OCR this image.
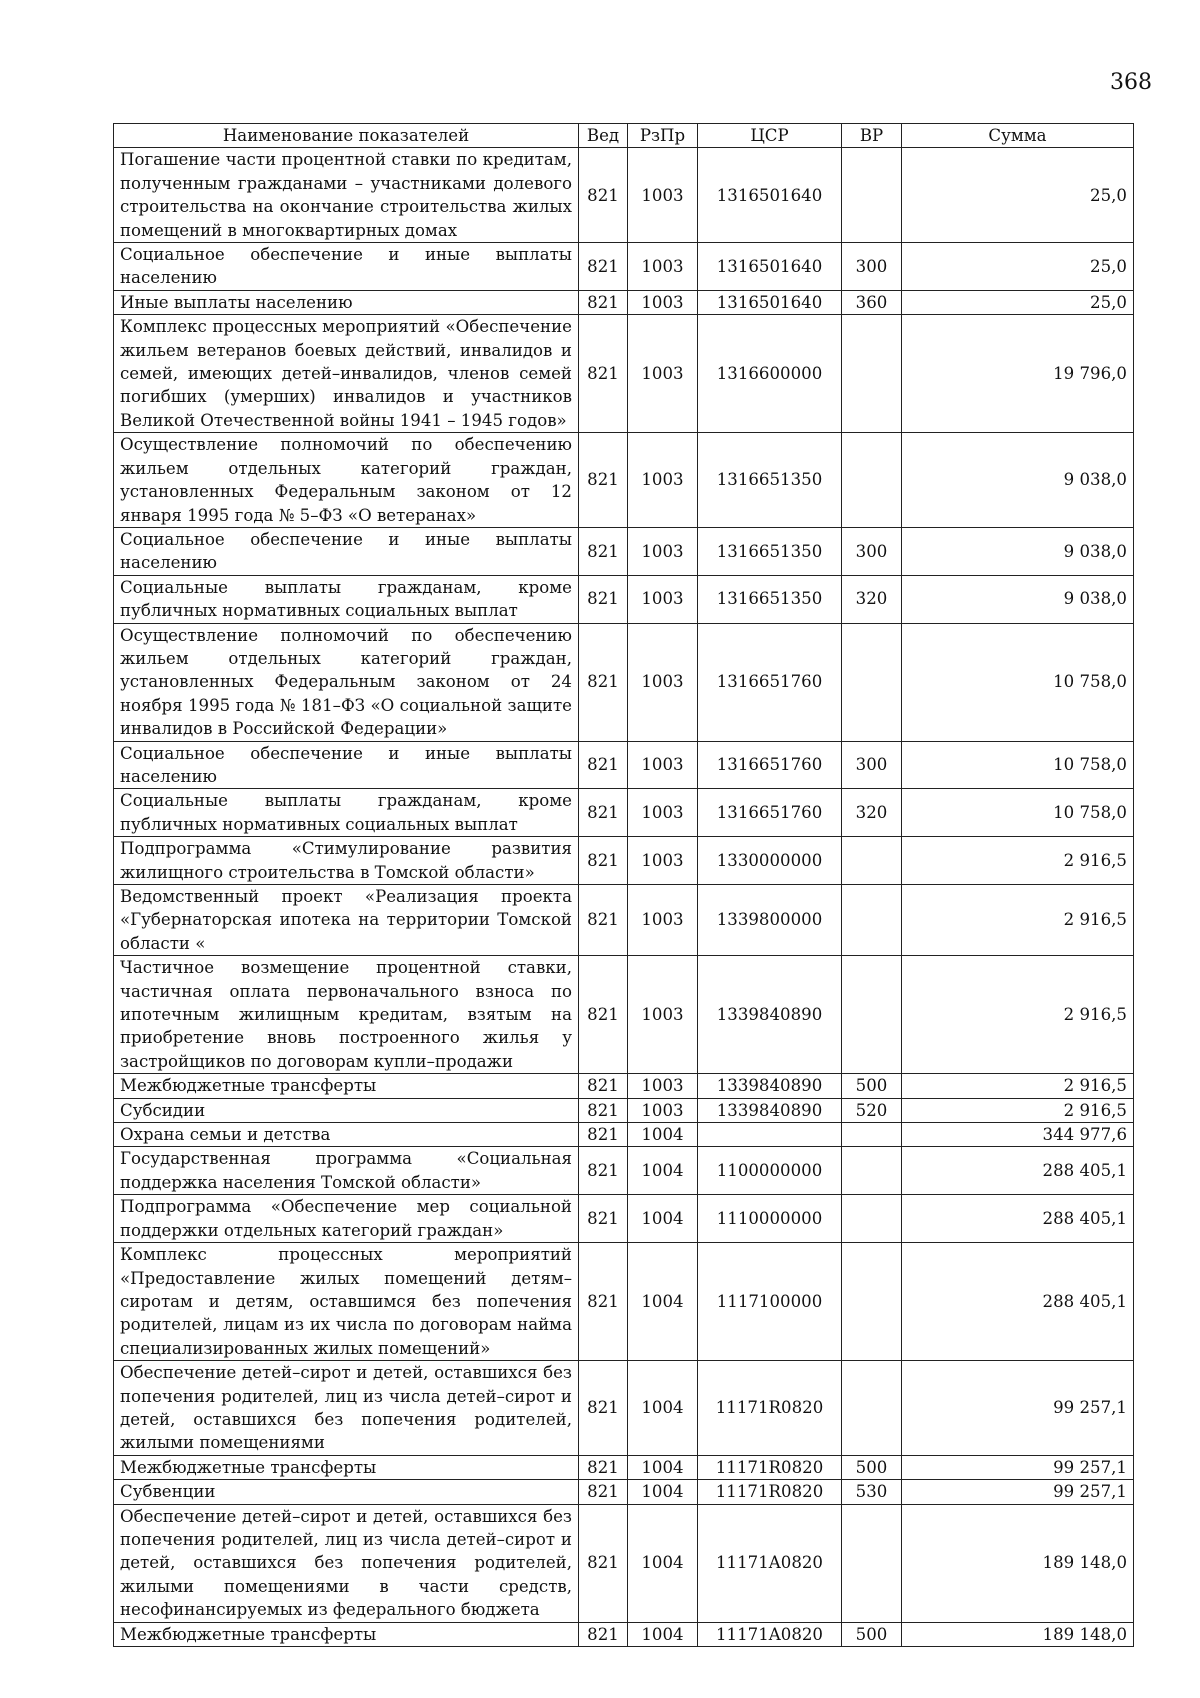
368
Наименование показателей	Вед	РзПр	ЦСР	ВР	Сумма
Погашение части процентной ставки по кредитам, полученным гражданами – участниками долевого строительства на окончание строительства жилых помещений в многоквартирных домах	821	1003	1316501640		25,0
Социальное обеспечение и иные выплаты населению	821	1003	1316501640	300	25,0
Иные выплаты населению	821	1003	1316501640	360	25,0
Комплекс процессных мероприятий «Обеспечение жильем ветеранов боевых действий, инвалидов и семей, имеющих детей–инвалидов, членов семей погибших (умерших) инвалидов и участников Великой Отечественной войны 1941 – 1945 годов»	821	1003	1316600000		19 796,0
Осуществление полномочий по обеспечению жильем отдельных категорий граждан, установленных Федеральным законом от 12 января 1995 года № 5–ФЗ «О ветеранах»	821	1003	1316651350		9 038,0
Социальное обеспечение и иные выплаты населению	821	1003	1316651350	300	9 038,0
Социальные выплаты гражданам, кроме публичных нормативных социальных выплат	821	1003	1316651350	320	9 038,0
Осуществление полномочий по обеспечению жильем отдельных категорий граждан, установленных Федеральным законом от 24 ноября 1995 года № 181–ФЗ «О социальной защите инвалидов в Российской Федерации»	821	1003	1316651760		10 758,0
Социальное обеспечение и иные выплаты населению	821	1003	1316651760	300	10 758,0
Социальные выплаты гражданам, кроме публичных нормативных социальных выплат	821	1003	1316651760	320	10 758,0
Подпрограмма «Стимулирование развития жилищного строительства в Томской области»	821	1003	1330000000		2 916,5
Ведомственный проект «Реализация проекта «Губернаторская ипотека на территории Томской области «	821	1003	1339800000		2 916,5
Частичное возмещение процентной ставки, частичная оплата первоначального взноса по ипотечным жилищным кредитам, взятым на приобретение вновь построенного жилья у застройщиков по договорам купли–продажи	821	1003	1339840890		2 916,5
Межбюджетные трансферты	821	1003	1339840890	500	2 916,5
Субсидии	821	1003	1339840890	520	2 916,5
Охрана семьи и детства	821	1004			344 977,6
Государственная программа «Социальная поддержка населения Томской области»	821	1004	1100000000		288 405,1
Подпрограмма «Обеспечение мер социальной поддержки отдельных категорий граждан»	821	1004	1110000000		288 405,1
Комплекс процессных мероприятий «Предоставление жилых помещений детям–сиротам и детям, оставшимся без попечения родителей, лицам из их числа по договорам найма специализированных жилых помещений»	821	1004	1117100000		288 405,1
Обеспечение детей–сирот и детей, оставшихся без попечения родителей, лиц из числа детей–сирот и детей, оставшихся без попечения родителей, жилыми помещениями	821	1004	11171R0820		99 257,1
Межбюджетные трансферты	821	1004	11171R0820	500	99 257,1
Субвенции	821	1004	11171R0820	530	99 257,1
Обеспечение детей–сирот и детей, оставшихся без попечения родителей, лиц из числа детей–сирот и детей, оставшихся без попечения родителей, жилыми помещениями в части средств, несофинансируемых из федерального бюджета	821	1004	11171A0820		189 148,0
Межбюджетные трансферты	821	1004	11171A0820	500	189 148,0
